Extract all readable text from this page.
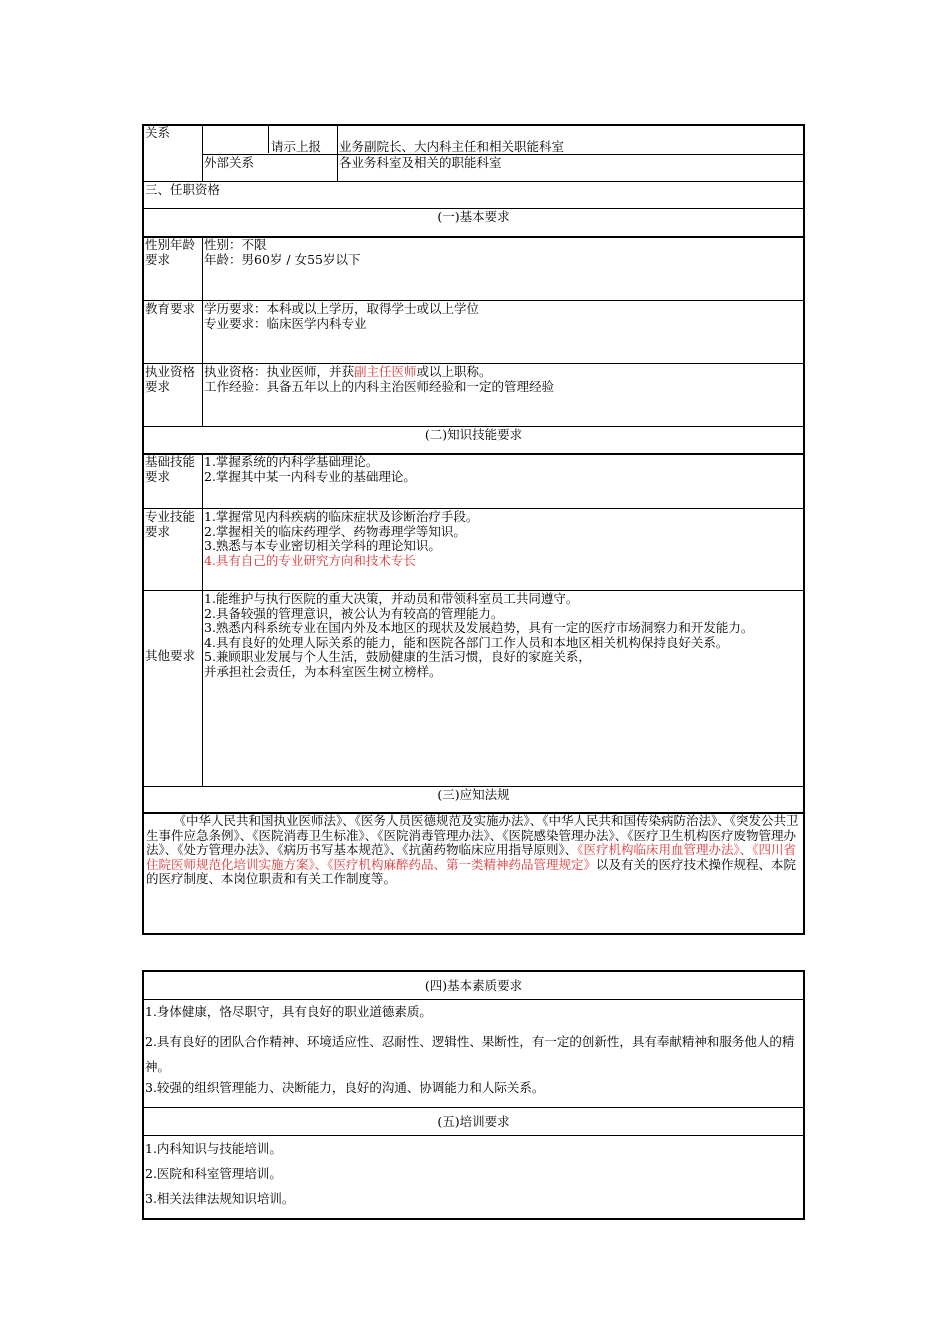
关系
请示上报 业务副院长、大内科主任和相关职能科室
外部关系	各业务科室及相关的职能科室
三、任职资格
(一)基本要求
性别年龄
要求
性别：不限
年龄：男60岁 / 女55岁以下
教育要求 学历要求：本科或以上学历，取得学士或以上学位
专业要求：临床医学内科专业
执业资格
要求
执业资格：执业医师，并获副主任医师或以上职称。
工作经验：具备五年以上的内科主治医师经验和一定的管理经验
(二)知识技能要求
基础技能
要求
1.掌握系统的内科学基础理论。
2.掌握其中某一内科专业的基础理论。
专业技能
要求
1.掌握常见内科疾病的临床症状及诊断治疗手段。
2.掌握相关的临床药理学、药物毒理学等知识。
3.熟悉与本专业密切相关学科的理论知识。
4.具有自己的专业研究方向和技术专长
其他要求
1.能维护与执行医院的重大决策，并动员和带领科室员工共同遵守。
2.具备较强的管理意识，被公认为有较高的管理能力。
3.熟悉内科系统专业在国内外及本地区的现状及发展趋势，具有一定的医疗市场洞察力和开发能力。
4.具有良好的处理人际关系的能力，能和医院各部门工作人员和本地区相关机构保持良好关系。
5.兼顾职业发展与个人生活，鼓励健康的生活习惯，良好的家庭关系，
并承担社会责任，为本科室医生树立榜样。
(三)应知法规
《中华人民共和国执业医师法》、《医务人员医德规范及实施办法》、《中华人民共和国传染病防治法》、《突发公共卫生事件应急条例》、《医院消毒卫生标准》、《医院消毒管理办法》、《医院感染管理办法》、《医疗卫生机构医疗废物管理办法》、《处方管理办法》、《病历书写基本规范》、《抗菌药物临床应用指导原则》、《医疗机构临床用血管理办法》、《四川省住院医师规范化培训实施方案》、《医疗机构麻醉药品、第一类精神药品管理规定》以及有关的医疗技术操作规程、本院的医疗制度、本岗位职责和有关工作制度等。
(四)基本素质要求
1.身体健康，恪尽职守，具有良好的职业道德素质。
2.具有良好的团队合作精神、环境适应性、忍耐性、逻辑性、果断性，有一定的创新性，具有奉献精神和服务他人的精神。
3.较强的组织管理能力、决断能力，良好的沟通、协调能力和人际关系。
(五)培训要求
1.内科知识与技能培训。
2.医院和科室管理培训。
3.相关法律法规知识培训。
